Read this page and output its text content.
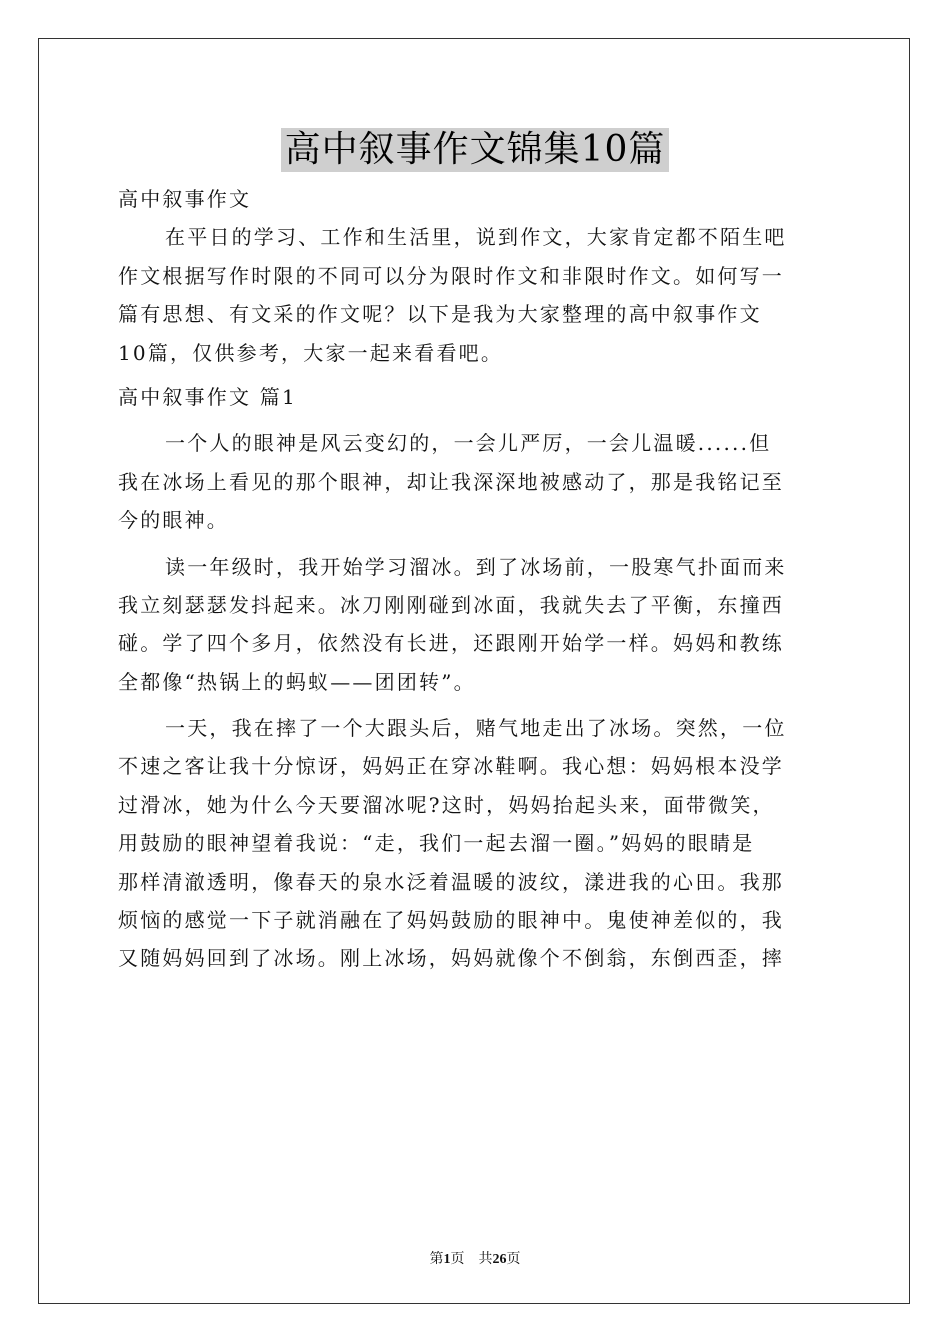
高中叙事作文锦集10篇
高中叙事作文
在平日的学习、工作和生活里，说到作文，大家肯定都不陌生吧
作文根据写作时限的不同可以分为限时作文和非限时作文。如何写一
篇有思想、有文采的作文呢？以下是我为大家整理的高中叙事作文
10篇，仅供参考，大家一起来看看吧。
高中叙事作文 篇1
一个人的眼神是风云变幻的，一会儿严厉，一会儿温暖......但
我在冰场上看见的那个眼神，却让我深深地被感动了，那是我铭记至
今的眼神。
读一年级时，我开始学习溜冰。到了冰场前，一股寒气扑面而来
我立刻瑟瑟发抖起来。冰刀刚刚碰到冰面，我就失去了平衡，东撞西
碰。学了四个多月，依然没有长进，还跟刚开始学一样。妈妈和教练
全都像“热锅上的蚂蚁——团团转”。
一天，我在摔了一个大跟头后，赌气地走出了冰场。突然，一位
不速之客让我十分惊讶，妈妈正在穿冰鞋啊。我心想：妈妈根本没学
过滑冰，她为什么今天要溜冰呢?这时，妈妈抬起头来，面带微笑，
用鼓励的眼神望着我说：“走，我们一起去溜一圈。”妈妈的眼睛是
那样清澈透明，像春天的泉水泛着温暖的波纹，漾进我的心田。我那
烦恼的感觉一下子就消融在了妈妈鼓励的眼神中。鬼使神差似的，我
又随妈妈回到了冰场。刚上冰场，妈妈就像个不倒翁，东倒西歪，摔
第1页 共26页
